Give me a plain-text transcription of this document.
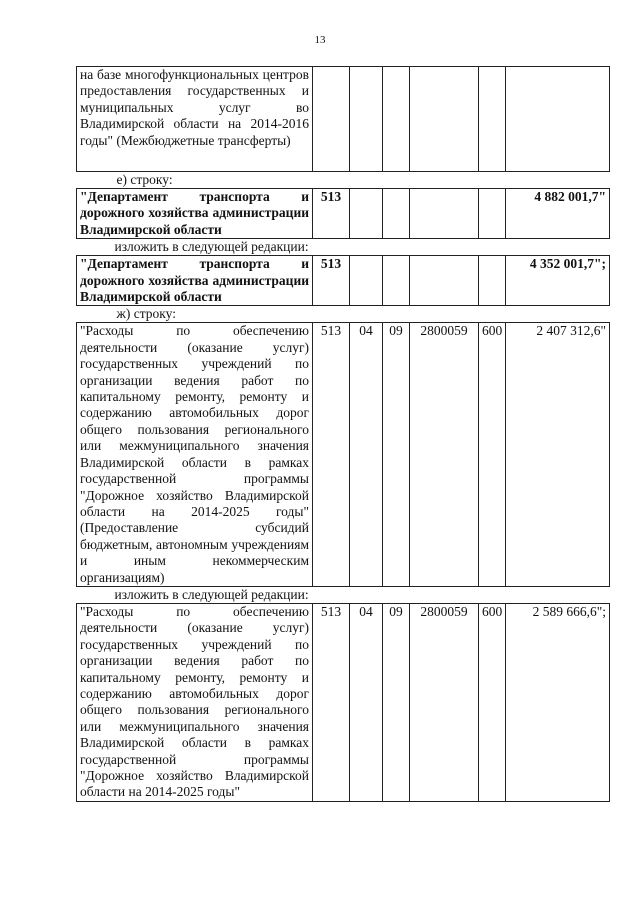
13
на базе многофункциональных центров предоставления государственных и муниципальных услуг во Владимирской области на 2014-2016 годы" (Межбюджетные трансферты)						
е) строку:						
"Департамент транспорта и дорожного хозяйства администрации Владимирской области	513					4 882 001,7"
изложить в следующей редакции:						
"Департамент транспорта и дорожного хозяйства администрации Владимирской области	513					4 352 001,7";
ж) строку:						
"Расходы по обеспечению деятельности (оказание услуг) государственных учреждений по организации ведения работ по капитальному ремонту, ремонту и содержанию автомобильных дорог общего пользования регионального или межмуниципального значения Владимирской области в рамках государственной программы "Дорожное хозяйство Владимирской области на 2014-2025 годы" (Предоставление субсидий бюджетным, автономным учреждениям и иным некоммерческим организациям)	513	04	09	2800059	600	2 407 312,6"
изложить в следующей редакции:						
"Расходы по обеспечению деятельности (оказание услуг) государственных учреждений по организации ведения работ по капитальному ремонту, ремонту и содержанию автомобильных дорог общего пользования регионального или межмуниципального значения Владимирской области в рамках государственной программы "Дорожное хозяйство Владимирской области на 2014-2025 годы"	513	04	09	2800059	600	2 589 666,6";
